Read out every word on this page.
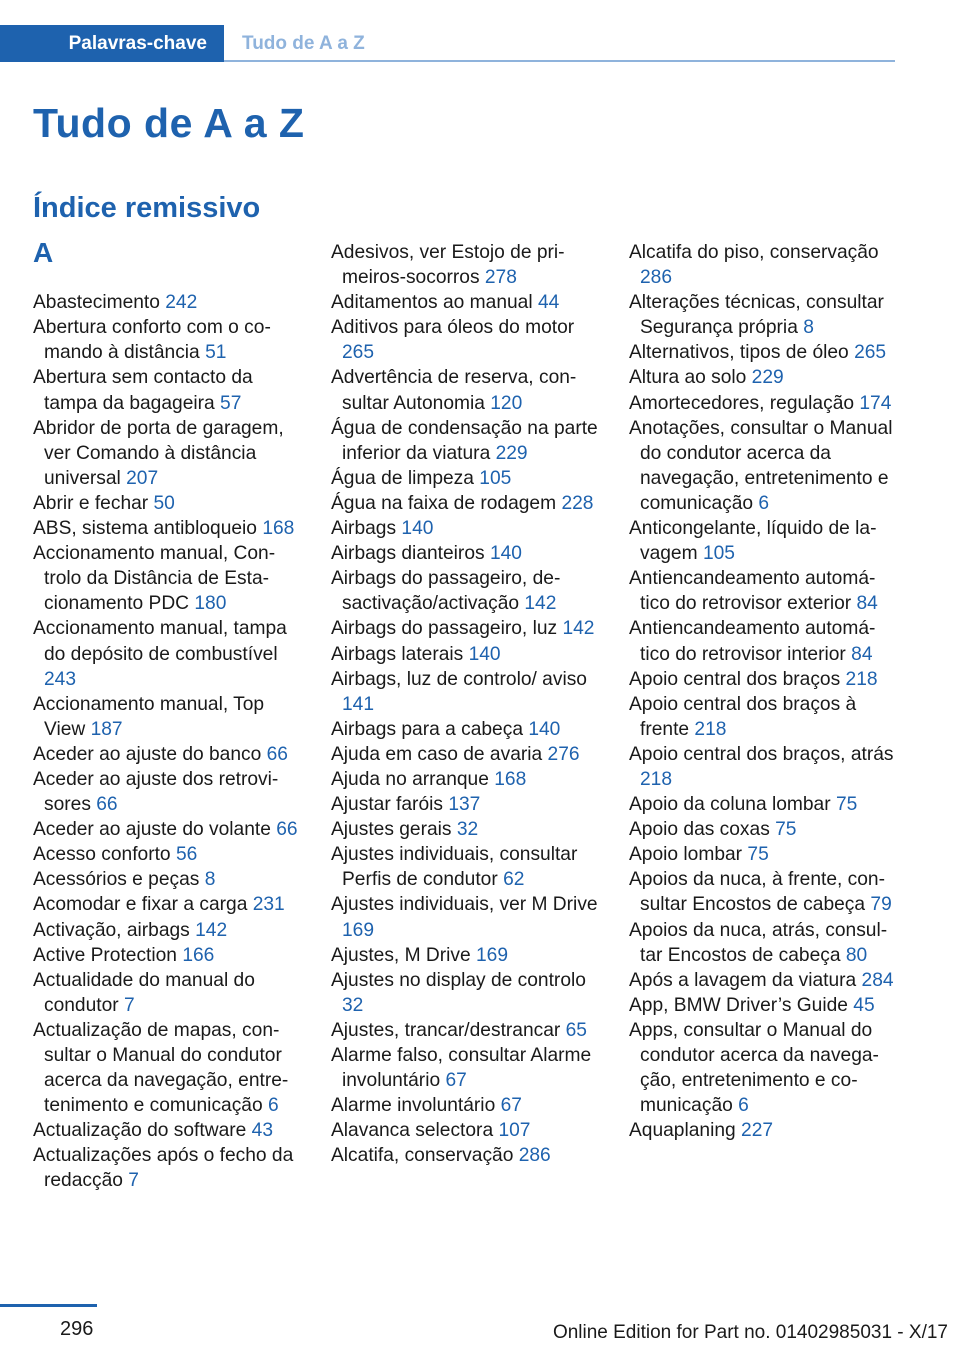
Palavras-chave	Tudo de A a Z
Tudo de A a Z
Índice remissivo
A
Abastecimento 242
Abertura conforto com o comando à distância 51
Abertura sem contacto da tampa da bagageira 57
Abridor de porta de garagem, ver Comando à distância universal 207
Abrir e fechar 50
ABS, sistema antibloqueio 168
Accionamento manual, Controlo da Distância de Estacionamento PDC 180
Accionamento manual, tampa do depósito de combustível 243
Accionamento manual, Top View 187
Aceder ao ajuste do banco 66
Aceder ao ajuste dos retrovisores 66
Aceder ao ajuste do volante 66
Acesso conforto 56
Acessórios e peças 8
Acomodar e fixar a carga 231
Activação, airbags 142
Active Protection 166
Actualidade do manual do condutor 7
Actualização de mapas, consultar o Manual do condutor acerca da navegação, entretenimento e comunicação 6
Actualização do software 43
Actualizações após o fecho da redacção 7
Adesivos, ver Estojo de primeiros-socorros 278
Aditamentos ao manual 44
Aditivos para óleos do motor 265
Advertência de reserva, consultar Autonomia 120
Água de condensação na parte inferior da viatura 229
Água de limpeza 105
Água na faixa de rodagem 228
Airbags 140
Airbags dianteiros 140
Airbags do passageiro, desactivação/activação 142
Airbags do passageiro, luz 142
Airbags laterais 140
Airbags, luz de controlo/ aviso 141
Airbags para a cabeça 140
Ajuda em caso de avaria 276
Ajuda no arranque 168
Ajustar faróis 137
Ajustes gerais 32
Ajustes individuais, consultar Perfis de condutor 62
Ajustes individuais, ver M Drive 169
Ajustes, M Drive 169
Ajustes no display de controlo 32
Ajustes, trancar/destrancar 65
Alarme falso, consultar Alarme involuntário 67
Alarme involuntário 67
Alavanca selectora 107
Alcatifa, conservação 286
Alcatifa do piso, conservação 286
Alterações técnicas, consultar Segurança própria 8
Alternativos, tipos de óleo 265
Altura ao solo 229
Amortecedores, regulação 174
Anotações, consultar o Manual do condutor acerca da navegação, entretenimento e comunicação 6
Anticongelante, líquido de lavagem 105
Antiencandeamento automático do retrovisor exterior 84
Antiencandeamento automático do retrovisor interior 84
Apoio central dos braços 218
Apoio central dos braços à frente 218
Apoio central dos braços, atrás 218
Apoio da coluna lombar 75
Apoio das coxas 75
Apoio lombar 75
Apoios da nuca, à frente, consultar Encostos de cabeça 79
Apoios da nuca, atrás, consultar Encostos de cabeça 80
Após a lavagem da viatura 284
App, BMW Driver’s Guide 45
Apps, consultar o Manual do condutor acerca da navegação, entretenimento e comunicação 6
Aquaplaning 227
296	Online Edition for Part no. 01402985031 - X/17
